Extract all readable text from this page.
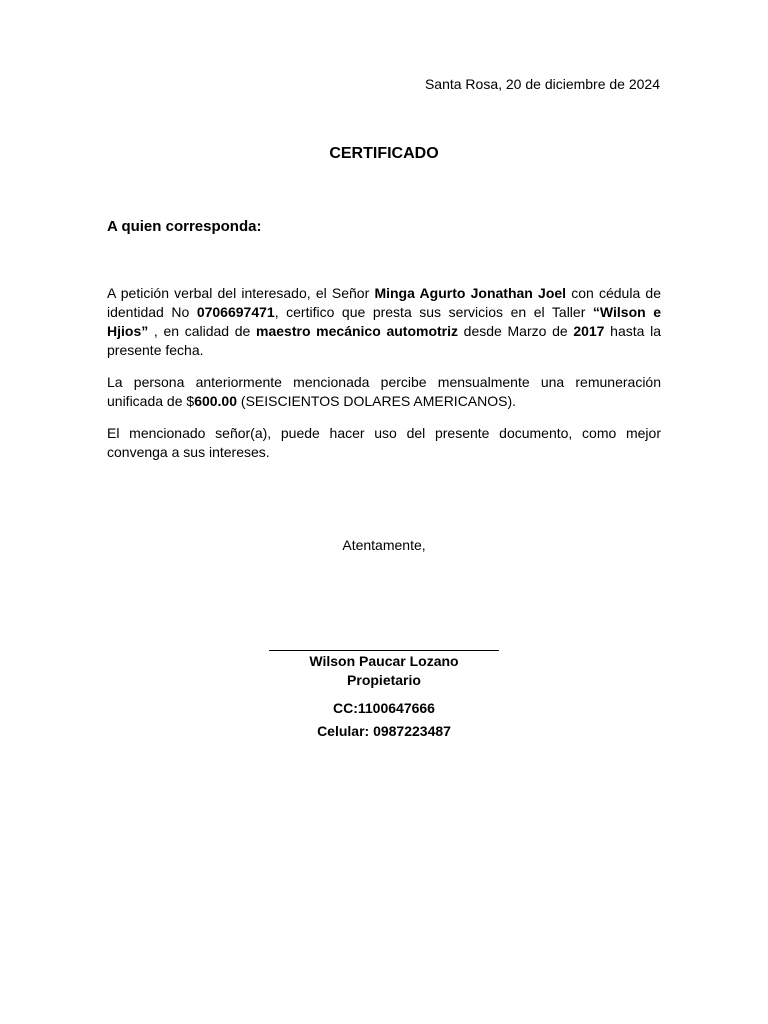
Santa Rosa, 20 de diciembre de 2024
CERTIFICADO
A quien corresponda:

A petición verbal del interesado, el Señor Minga Agurto Jonathan Joel con cédula de identidad No 0706697471, certifico que presta sus servicios en el Taller “Wilson e Hjios” , en calidad de maestro mecánico automotriz desde Marzo de 2017 hasta la presente fecha.

La persona anteriormente mencionada percibe mensualmente una remuneración unificada de $600.00 (SEISCIENTOS DOLARES AMERICANOS).

El mencionado señor(a), puede hacer uso del presente documento, como mejor convenga a sus intereses.

Atentamente,
Wilson Paucar Lozano
Propietario
CC:1100647666
Celular: 0987223487
